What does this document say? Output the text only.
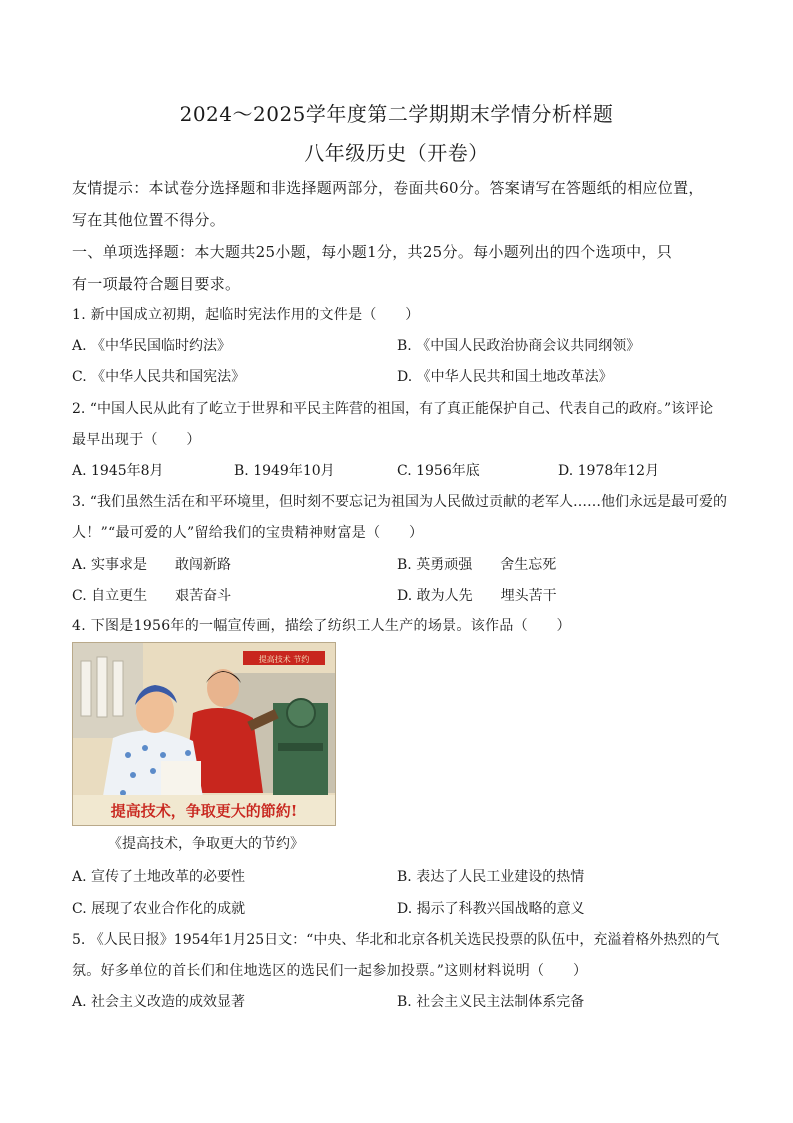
2024～2025学年度第二学期期末学情分析样题
八年级历史（开卷）
友情提示：本试卷分选择题和非选择题两部分，卷面共60分。答案请写在答题纸的相应位置，
写在其他位置不得分。
一、单项选择题：本大题共25小题，每小题1分，共25分。每小题列出的四个选项中，只
有一项最符合题目要求。
1. 新中国成立初期，起临时宪法作用的文件是（　　）
A. 《中华民国临时约法》	B. 《中国人民政治协商会议共同纲领》
C. 《中华人民共和国宪法》	D. 《中华人民共和国土地改革法》
2. “中国人民从此有了屹立于世界和平民主阵营的祖国，有了真正能保护自己、代表自己的政府。”该评论
最早出现于（　　）
A. 1945年8月	B. 1949年10月	C. 1956年底	D. 1978年12月
3. “我们虽然生活在和平环境里，但时刻不要忘记为祖国为人民做过贡献的老军人……他们永远是最可爱的
人！”“最可爱的人”留给我们的宝贵精神财富是（　　）
A. 实事求是　　敢闯新路	B. 英勇顽强　　舍生忘死
C. 自立更生　　艰苦奋斗	D. 敢为人先　　埋头苦干
4. 下图是1956年的一幅宣传画，描绘了纺织工人生产的场景。该作品（　　）
提高技术 节约
提高技术，争取更大的節約!
《提高技术，争取更大的节约》
A. 宣传了土地改革的必要性	B. 表达了人民工业建设的热情
C. 展现了农业合作化的成就	D. 揭示了科教兴国战略的意义
5. 《人民日报》1954年1月25日文：“中央、华北和北京各机关选民投票的队伍中，充溢着格外热烈的气
氛。好多单位的首长们和住地选区的选民们一起参加投票。”这则材料说明（　　）
A. 社会主义改造的成效显著	B. 社会主义民主法制体系完备
